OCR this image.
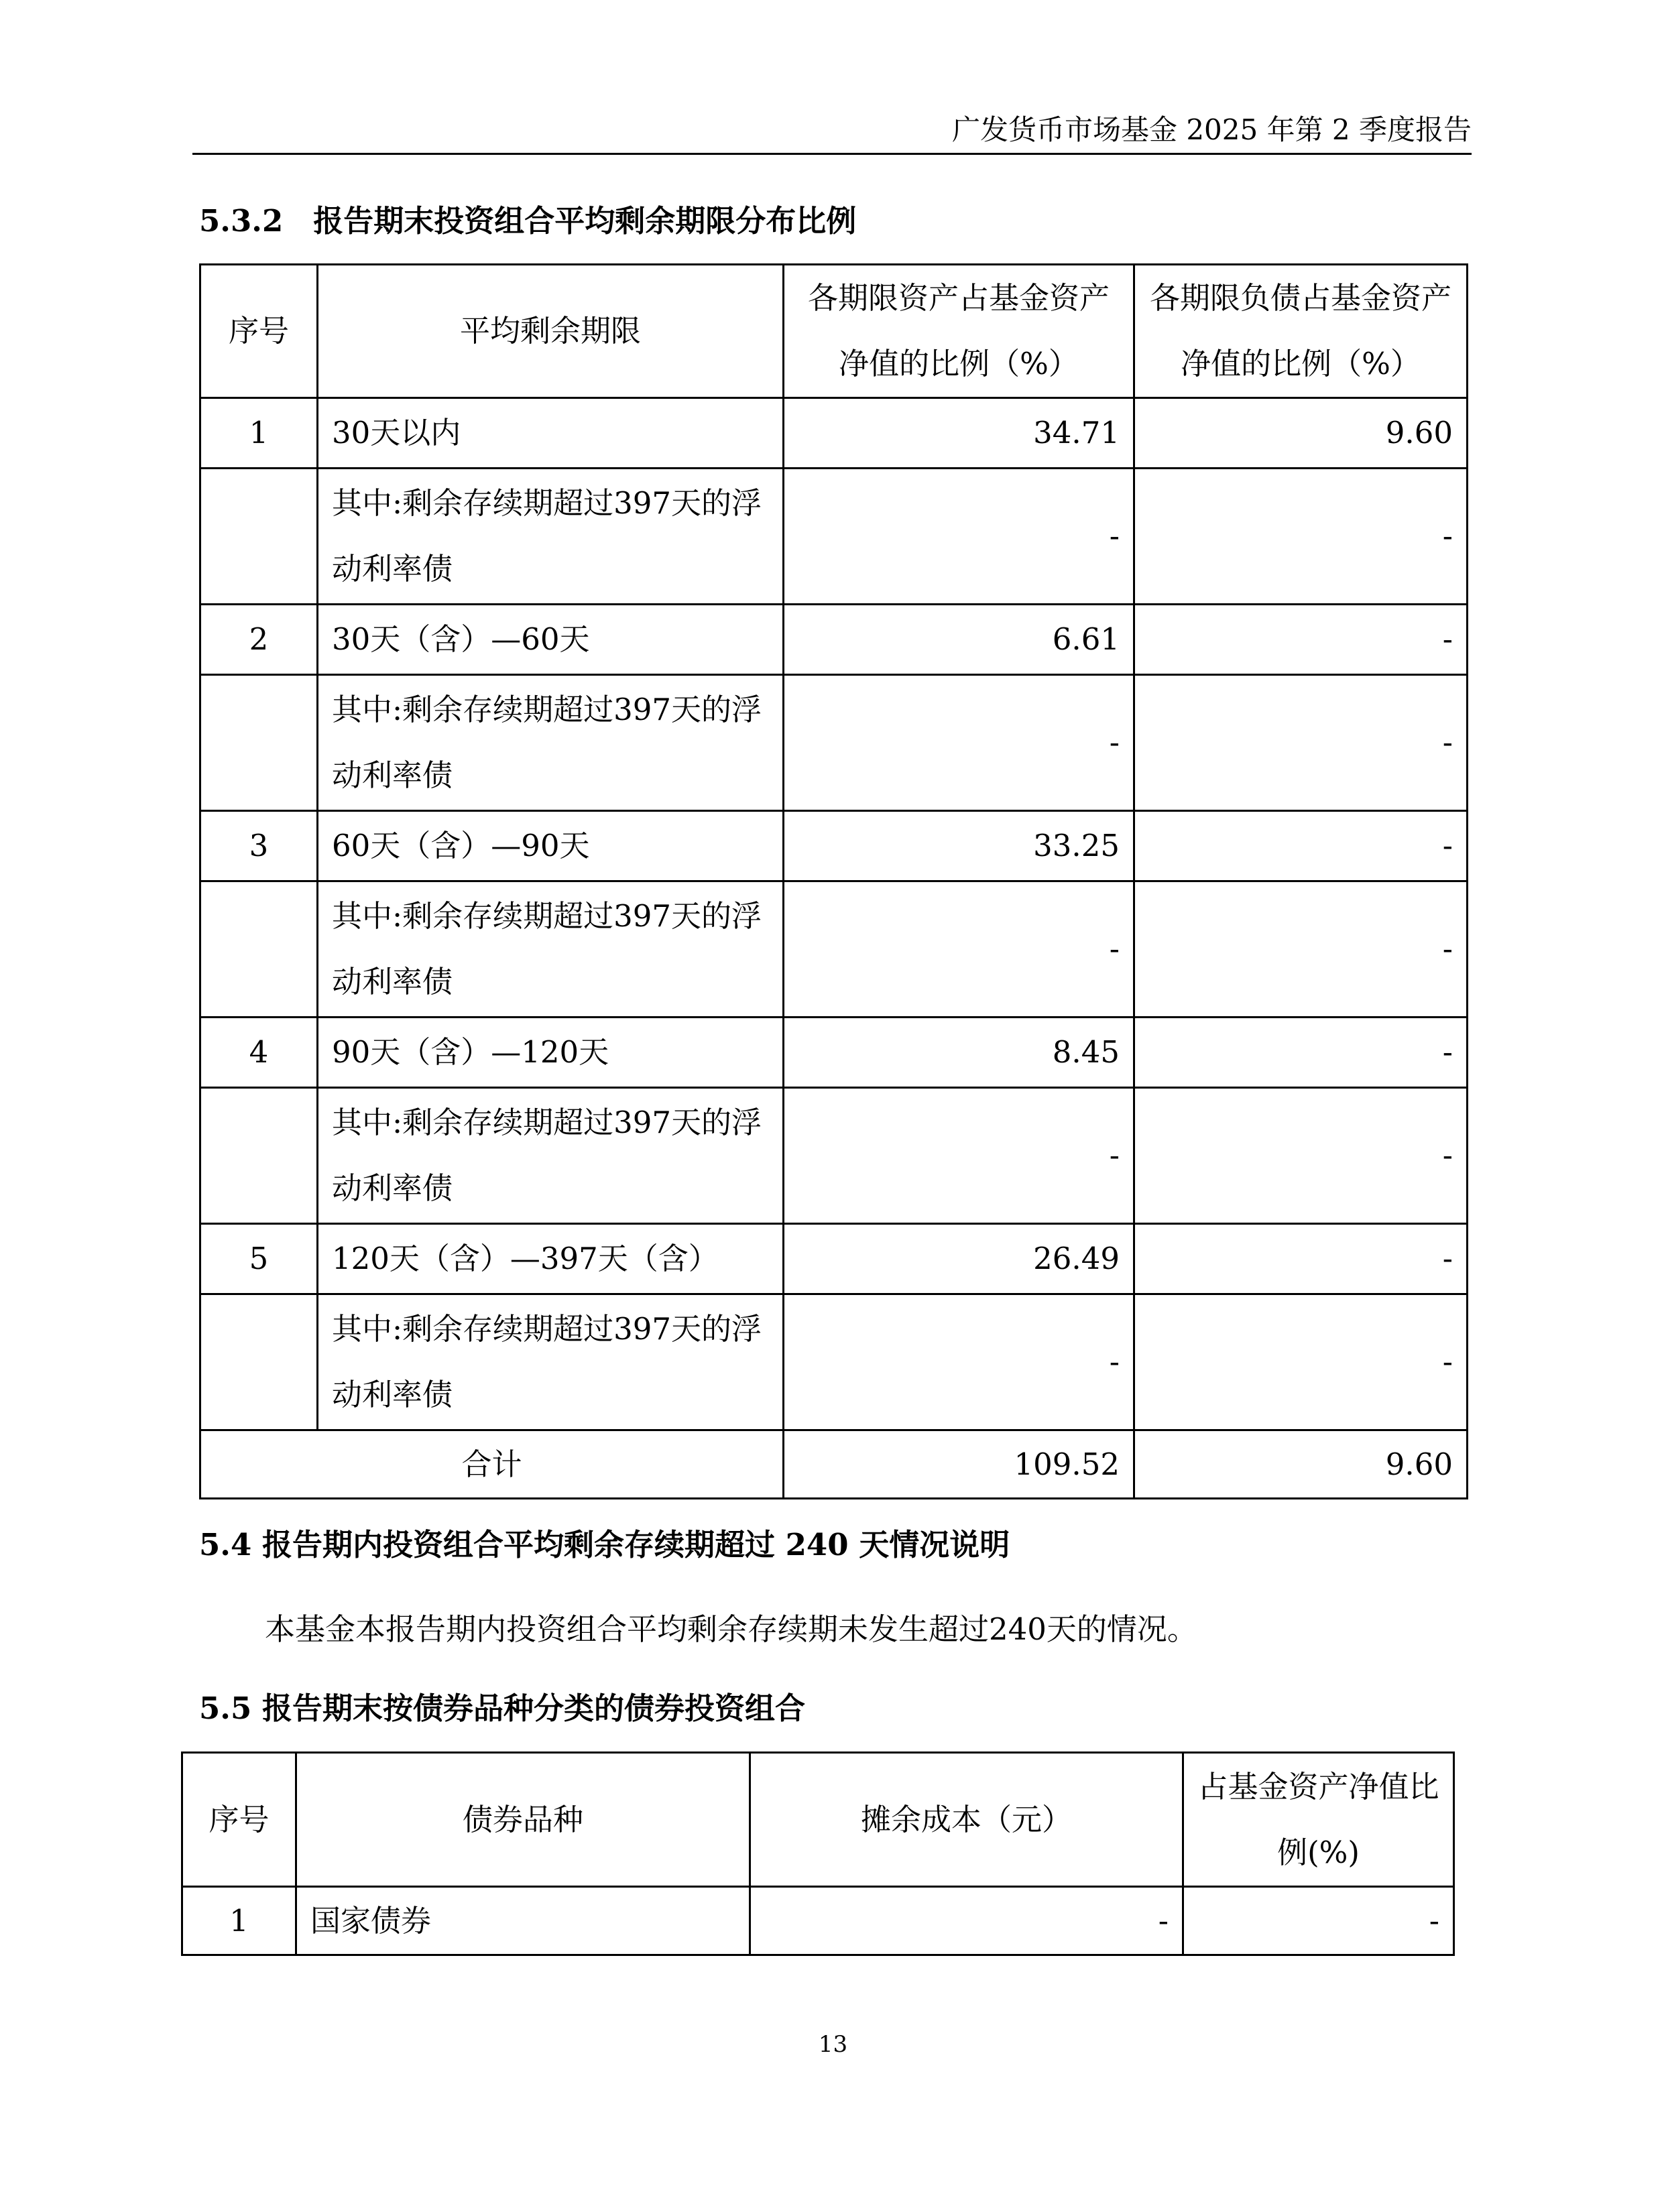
广发货币市场基金 2025 年第 2 季度报告
5.3.2　报告期末投资组合平均剩余期限分布比例
序号	平均剩余期限	各期限资产占基金资产净值的比例（%）	各期限负债占基金资产净值的比例（%）
1	30天以内	34.71	9.60
	其中:剩余存续期超过397天的浮动利率债	-	-
2	30天（含）—60天	6.61	-
	其中:剩余存续期超过397天的浮动利率债	-	-
3	60天（含）—90天	33.25	-
	其中:剩余存续期超过397天的浮动利率债	-	-
4	90天（含）—120天	8.45	-
	其中:剩余存续期超过397天的浮动利率债	-	-
5	120天（含）—397天（含）	26.49	-
	其中:剩余存续期超过397天的浮动利率债	-	-
合计		109.52	9.60
5.4 报告期内投资组合平均剩余存续期超过 240 天情况说明
本基金本报告期内投资组合平均剩余存续期未发生超过240天的情况。
5.5 报告期末按债券品种分类的债券投资组合
序号	债券品种	摊余成本（元）	占基金资产净值比例(%)
1	国家债券	-	-
13
